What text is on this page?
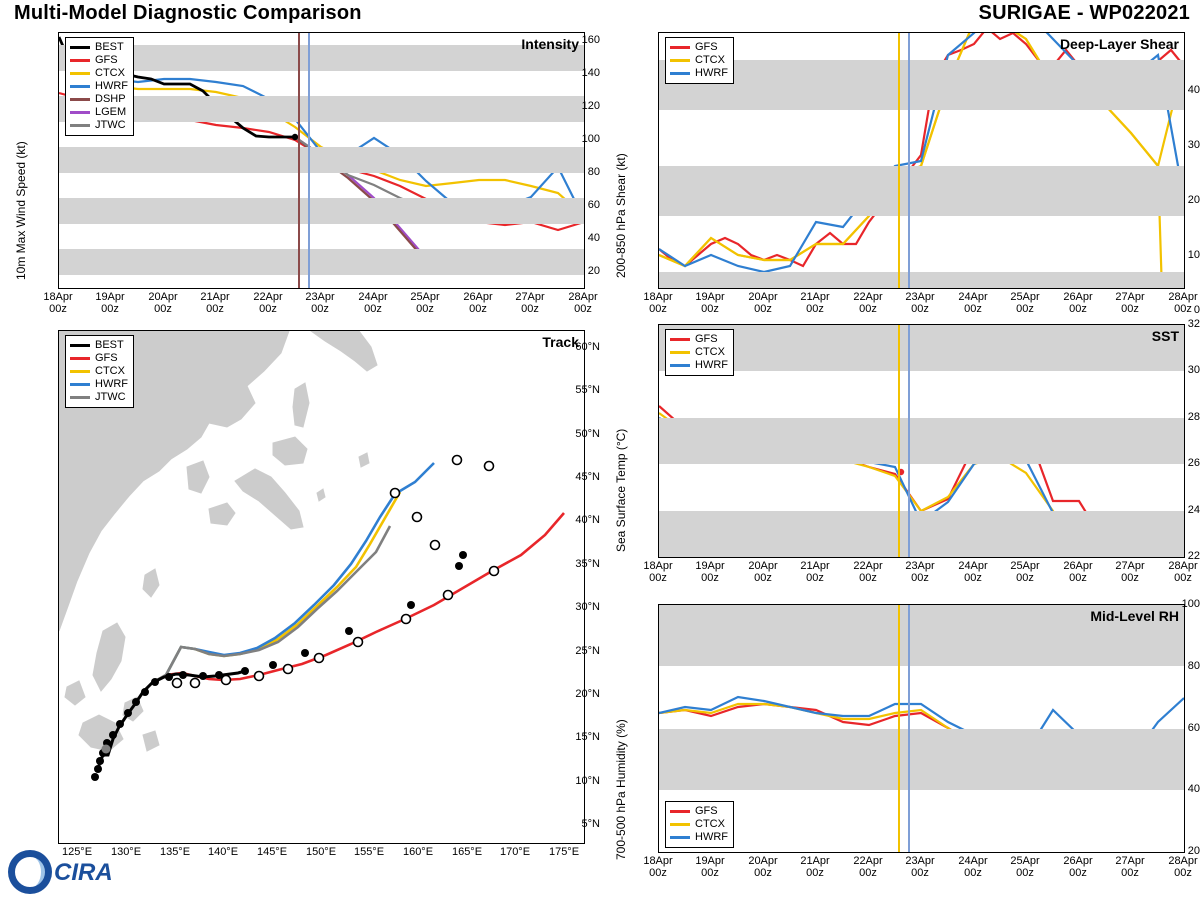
Multi-Model Diagnostic Comparison	SURIGAE - WP022021
10m Max Wind Speed (kt)
Intensity
BEST
GFS
CTCX
HWRF
DSHP
LGEM
JTWC
160
140
120
100
80
60
40
20
18Apr
00z
19Apr
00z
20Apr
00z
21Apr
00z
22Apr
00z
23Apr
00z
24Apr
00z
25Apr
00z
26Apr
00z
27Apr
00z
28Apr
00z
Track
BEST
GFS
CTCX
HWRF
JTWC
60°N
55°N
50°N
45°N
40°N
35°N
30°N
25°N
20°N
15°N
10°N
5°N
125°E 130°E 135°E 140°E 145°E 150°E 155°E 160°E 165°E 170°E 175°E
200-850 hPa Shear (kt)
Deep-Layer Shear
GFS
CTCX
HWRF
40
30
20
10
0
18Apr
00z
19Apr
00z
20Apr
00z
21Apr
00z
22Apr
00z
23Apr
00z
24Apr
00z
25Apr
00z
26Apr
00z
27Apr
00z
28Apr
00z
Sea Surface Temp (°C)
SST
GFS
CTCX
HWRF
32
30
28
26
24
22
18Apr
00z
19Apr
00z
20Apr
00z
21Apr
00z
22Apr
00z
23Apr
00z
24Apr
00z
25Apr
00z
26Apr
00z
27Apr
00z
28Apr
00z
700-500 hPa Humidity (%)
Mid-Level RH
GFS
CTCX
HWRF
100
80
60
40
20
18Apr
00z
19Apr
00z
20Apr
00z
21Apr
00z
22Apr
00z
23Apr
00z
24Apr
00z
25Apr
00z
26Apr
00z
27Apr
00z
28Apr
00z
CIRA
